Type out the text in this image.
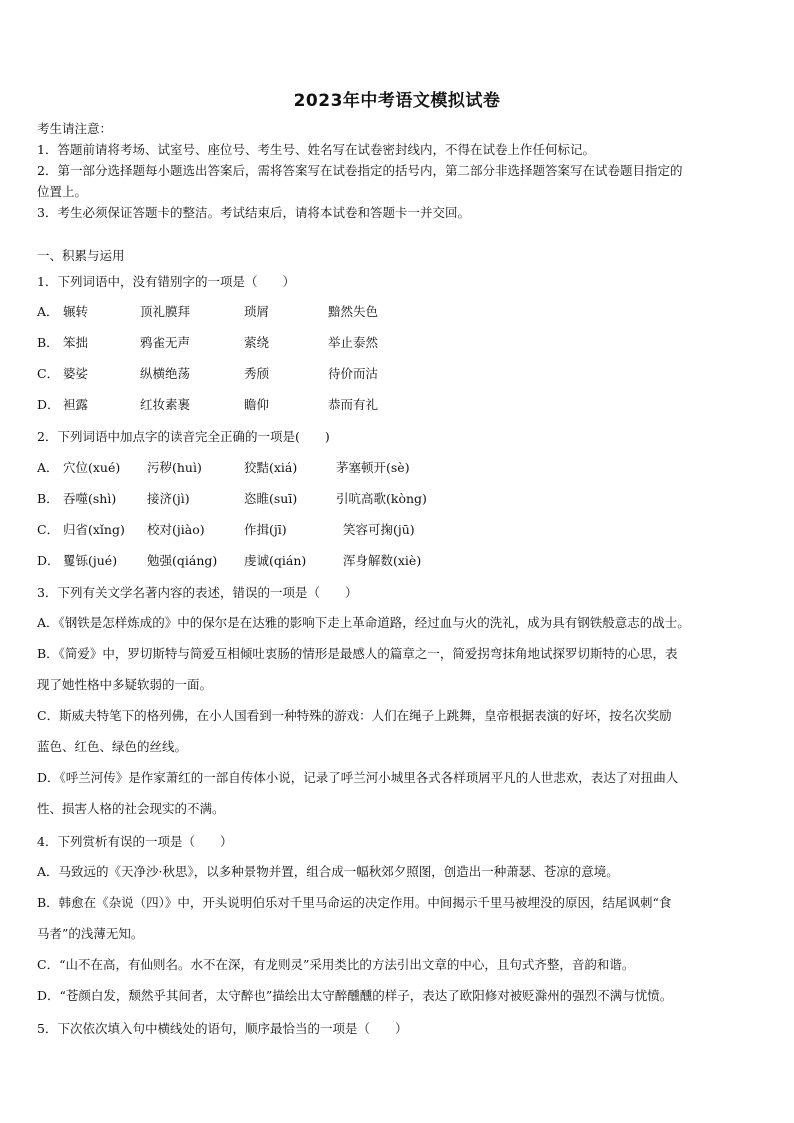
2023年中考语文模拟试卷
考生请注意：
1．答题前请将考场、试室号、座位号、考生号、姓名写在试卷密封线内，不得在试卷上作任何标记。
2．第一部分选择题每小题选出答案后，需将答案写在试卷指定的括号内，第二部分非选择题答案写在试卷题目指定的
位置上。
3．考生必须保证答题卡的整洁。考试结束后，请将本试卷和答题卡一并交回。
一、积累与运用
1．下列词语中，没有错别字的一项是（　　）
A． 辗转	顶礼膜拜	琐屑	黯然失色
B． 笨拙	鸦雀无声	萦绕	举止泰然
C． 婆娑	纵横绝荡	秀颀	待价而沽
D． 袒露	红妆素裹	瞻仰	恭而有礼
2．下列词语中加点字的读音完全正确的一项是(　　)
A． 穴位(xué) 污秽(huì)	狡黠(xiá)	茅塞顿开(sè)
B． 吞噬(shì) 接济(jì)	恣睢(suī)	引吭高歌(kòng)
C． 归省(xǐng) 校对(jiào)	作揖(jī)	笑容可掬(jū)
D． 矍铄(jué) 勉强(qiáng) 虔诚(qián)	浑身解数(xiè)
3．下列有关文学名著内容的表述，错误的一项是（　　）
A．《钢铁是怎样炼成的》中的保尔是在达雅的影响下走上革命道路，经过血与火的洗礼，成为具有钢铁般意志的战士。
B．《简爱》中，罗切斯特与简爱互相倾吐衷肠的情形是最感人的篇章之一，简爱拐弯抹角地试探罗切斯特的心思，表
现了她性格中多疑软弱的一面。
C．斯威夫特笔下的格列佛，在小人国看到一种特殊的游戏：人们在绳子上跳舞，皇帝根据表演的好坏，按名次奖励
蓝色、红色、绿色的丝线。
D．《呼兰河传》是作家萧红的一部自传体小说，记录了呼兰河小城里各式各样琐屑平凡的人世悲欢，表达了对扭曲人
性、损害人格的社会现实的不满。
4．下列赏析有误的一项是（　　）
A．马致远的《天净沙·秋思》，以多种景物并置，组合成一幅秋郊夕照图，创造出一种萧瑟、苍凉的意境。
B．韩愈在《杂说（四）》中，开头说明伯乐对千里马命运的决定作用。中间揭示千里马被埋没的原因，结尾讽刺“食
马者”的浅薄无知。
C．“山不在高，有仙则名。水不在深，有龙则灵”采用类比的方法引出文章的中心，且句式齐整，音韵和谐。
D．“苍颜白发，颓然乎其间者，太守醉也”描绘出太守醉醺醺的样子，表达了欧阳修对被贬滁州的强烈不满与忧愤。
5．下次依次填入句中横线处的语句，顺序最恰当的一项是（　　）
